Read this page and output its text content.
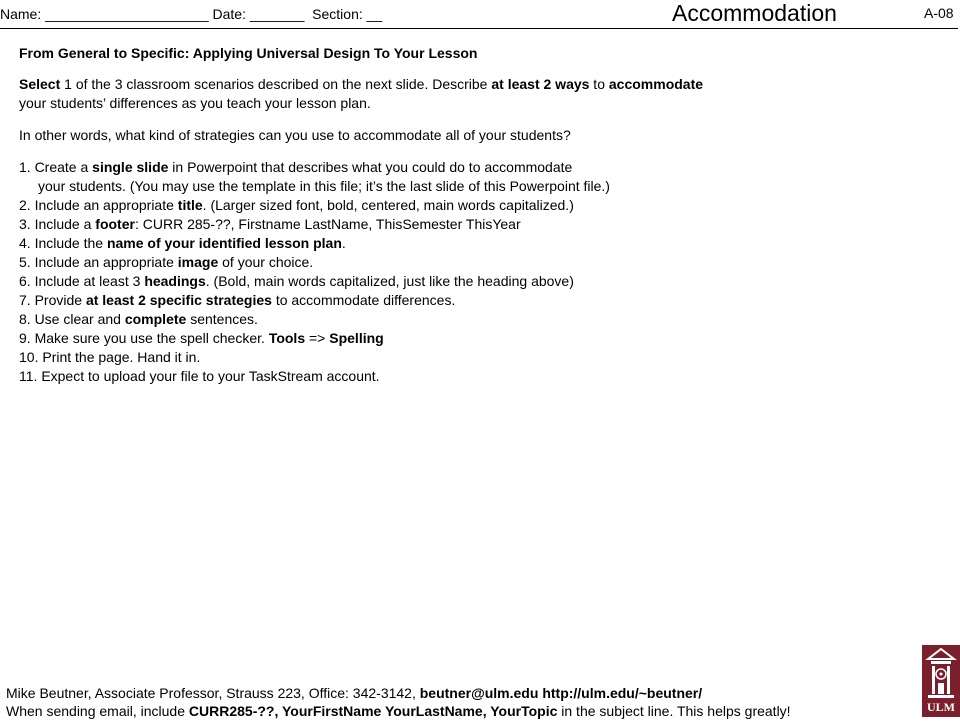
Name: _____________________ Date: _______  Section: __	Accommodation	A-08
From General to Specific: Applying Universal Design To Your Lesson
Select 1 of the 3 classroom scenarios described on the next slide. Describe at least 2 ways to accommodate your students’ differences as you teach your lesson plan.
In other words, what kind of strategies can you use to accommodate all of your students?
1. Create a single slide in Powerpoint that describes what you could do to accommodate
your students. (You may use the template in this file; it’s the last slide of this Powerpoint file.)
2. Include an appropriate title. (Larger sized font, bold, centered, main words capitalized.)
3. Include a footer: CURR 285-??, Firstname LastName, ThisSemester ThisYear
4. Include the name of your identified lesson plan.
5. Include an appropriate image of your choice.
6. Include at least 3 headings. (Bold, main words capitalized, just like the heading above)
7. Provide at least 2 specific strategies to accommodate differences.
8. Use clear and complete sentences.
9. Make sure you use the spell checker. Tools => Spelling
10. Print the page. Hand it in.
11. Expect to upload your file to your TaskStream account.
Mike Beutner, Associate Professor, Strauss 223, Office: 342-3142, beutner@ulm.edu http://ulm.edu/~beutner/
When sending email, include CURR285-??, YourFirstName YourLastName, YourTopic in the subject line. This helps greatly!	ULM
